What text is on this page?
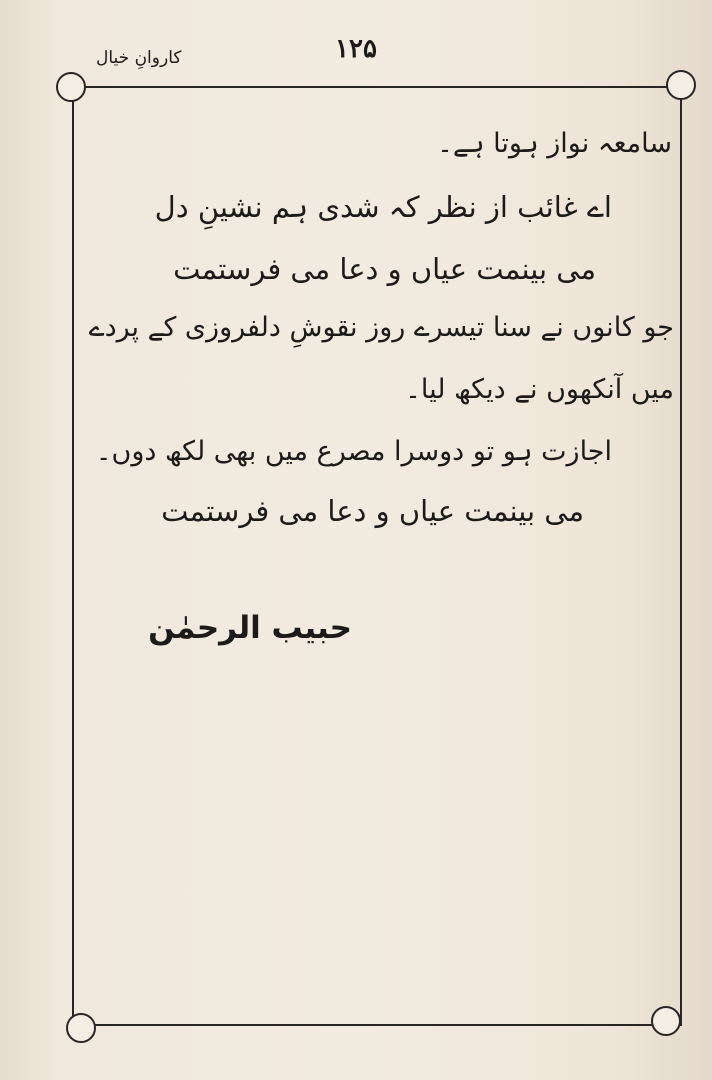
۱۲۵
کاروانِ خیال
سامعہ نواز ہوتا ہے۔
اے غائب از نظر کہ شدی ہم نشینِ دل
می بینمت عیاں و دعا می فرستمت
جو کانوں نے سنا تیسرے روز نقوشِ دلفروزی کے پردے
میں آنکھوں نے دیکھ لیا۔
اجازت ہو تو دوسرا مصرع میں بھی لکھ دوں۔
می بینمت عیاں و دعا می فرستمت
حبیب الرحمٰن
